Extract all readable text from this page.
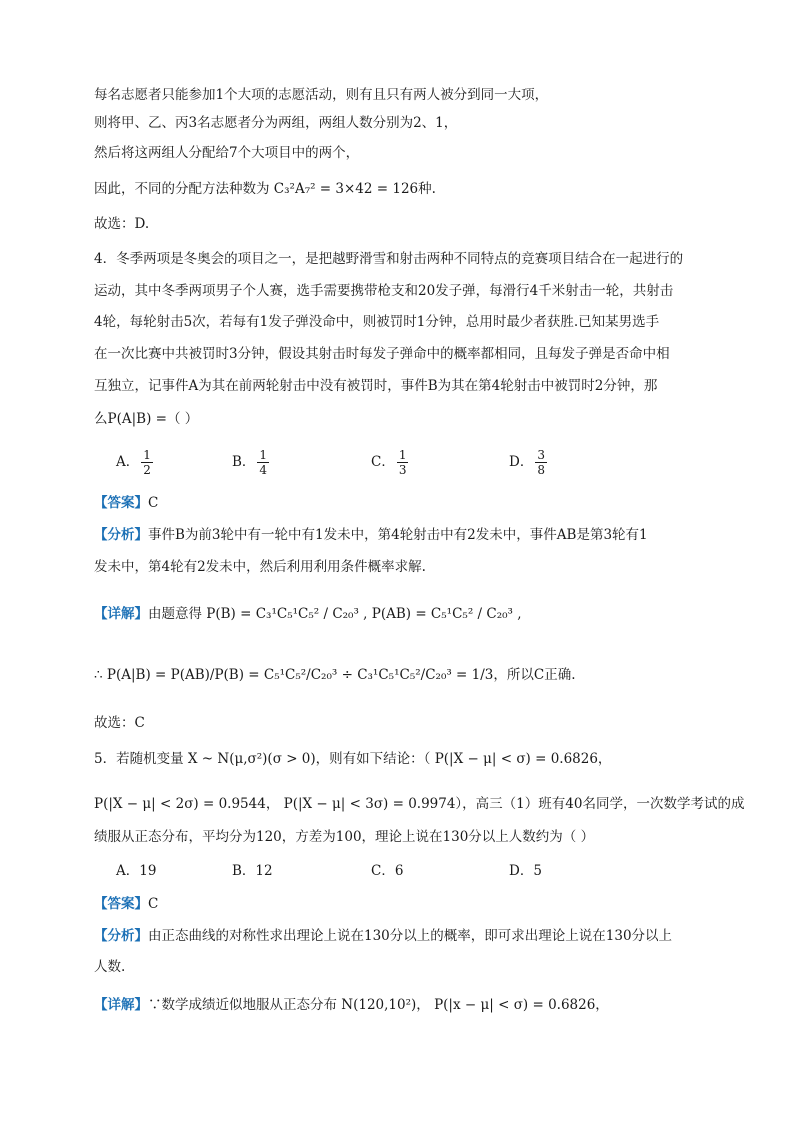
每名志愿者只能参加1个大项的志愿活动，则有且只有两人被分到同一大项，
则将甲、乙、丙3名志愿者分为两组，两组人数分别为2、1，
然后将这两组人分配给7个大项目中的两个，
因此，不同的分配方法种数为 C₃²A₇² = 3×42 = 126种.
故选：D.
4．冬季两项是冬奥会的项目之一，是把越野滑雪和射击两种不同特点的竞赛项目结合在一起进行的
运动，其中冬季两项男子个人赛，选手需要携带枪支和20发子弹，每滑行4千米射击一轮，共射击
4轮，每轮射击5次，若每有1发子弹没命中，则被罚时1分钟，总用时最少者获胜.已知某男选手
在一次比赛中共被罚时3分钟，假设其射击时每发子弹命中的概率都相同，且每发子弹是否命中相
互独立，记事件A为其在前两轮射击中没有被罚时，事件B为其在第4轮射击中被罚时2分钟，那
么P(A|B) =（ ）
A． $\frac{1}{2}$	B． $\frac{1}{4}$	C． $\frac{1}{3}$	D． $\frac{3}{8}$
【答案】C
【分析】事件B为前3轮中有一轮中有1发未中，第4轮射击中有2发未中，事件AB是第3轮有1
发未中，第4轮有2发未中，然后利用利用条件概率求解.
【详解】由题意得 P(B) = C₃¹C₅¹C₅² / C₂₀³ , P(AB) = C₅¹C₅² / C₂₀³ ,
∴ P(A|B) = P(AB)/P(B) = C₅¹C₅²/C₂₀³ ÷ C₃¹C₅¹C₅²/C₂₀³ = 1/3，所以C正确.
故选：C
5．若随机变量 X ~ N(μ,σ²)(σ > 0)，则有如下结论：（ P(|X − μ| < σ) = 0.6826，
P(|X − μ| < 2σ) = 0.9544， P(|X − μ| < 3σ) = 0.9974），高三（1）班有40名同学，一次数学考试的成
绩服从正态分布，平均分为120，方差为100，理论上说在130分以上人数约为（ ）
A．19	B．12	C．6	D．5
【答案】C
【分析】由正态曲线的对称性求出理论上说在130分以上的概率，即可求出理论上说在130分以上
人数.
【详解】∵数学成绩近似地服从正态分布 N(120,10²)， P(|x − μ| < σ) = 0.6826，
